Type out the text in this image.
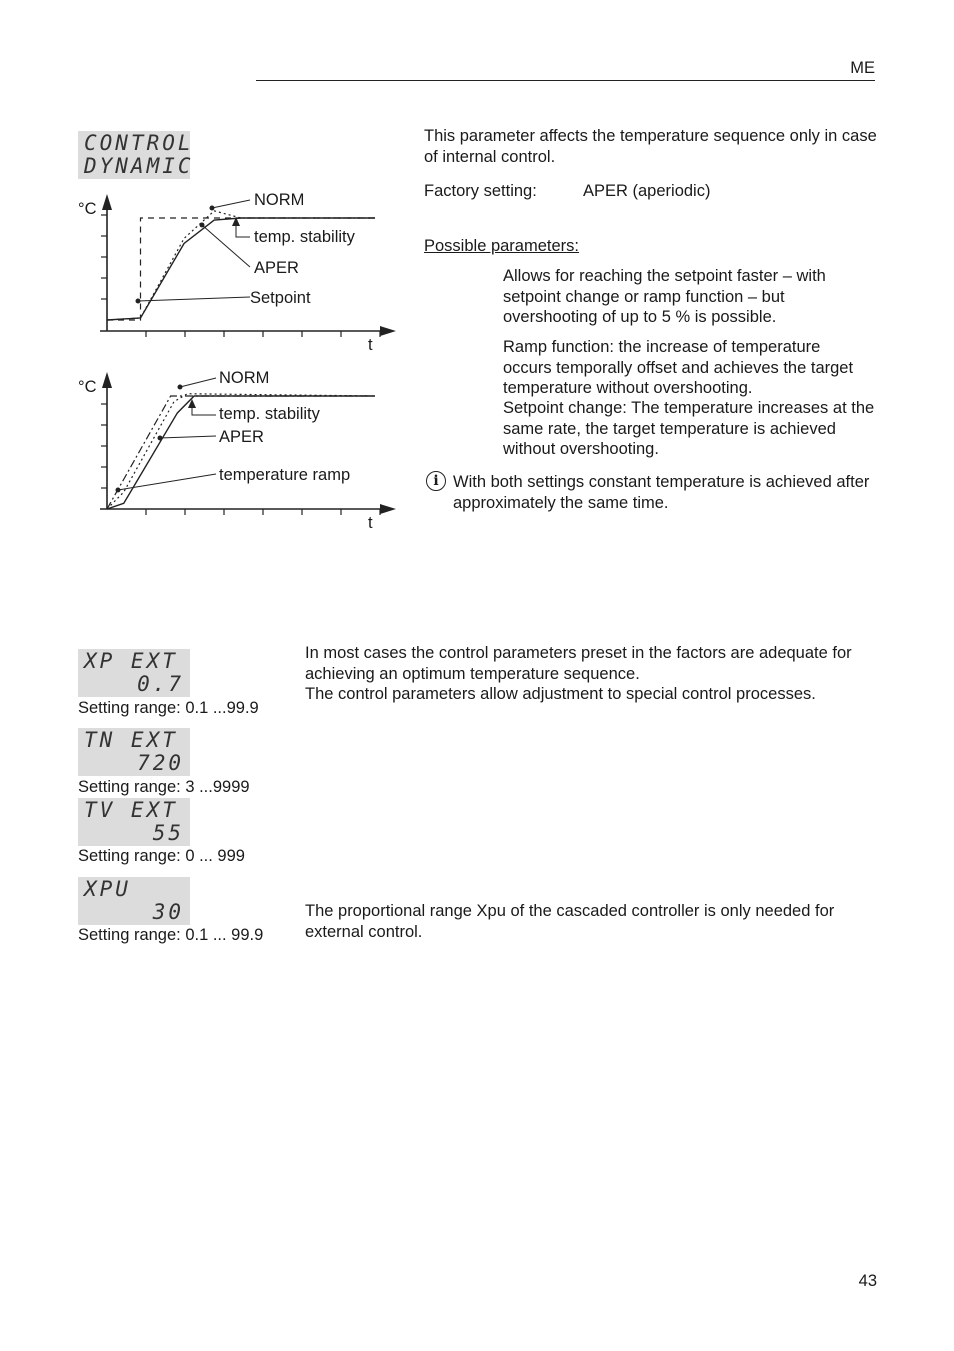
ME
CONTROL
DYNAMIC
°C
t
NORM
temp. stability
APER
Setpoint
°C
t
NORM
temp. stability
APER
temperature ramp
This parameter affects the temperature sequence only in case of internal control.
Factory setting:	APER (aperiodic)
Possible parameters:
Allows for reaching the setpoint faster – with setpoint change or ramp function – but overshooting of up to 5 % is possible.
Ramp function: the increase of temperature occurs temporally offset and achieves the target temperature without overshooting.
Setpoint change: The temperature increases at the same rate, the target temperature is achieved without overshooting.
i With both settings constant temperature is achieved after approximately the same time.
XP EXT
0.7
Setting range: 0.1 ...99.9
TN EXT
720
Setting range: 3 ...9999
TV EXT
55
Setting range: 0 ... 999
XPU
30
Setting range: 0.1 ... 99.9
In most cases the control parameters preset in the factors are adequate for achieving an optimum temperature sequence.
The control parameters allow adjustment to special control processes.
The proportional range Xpu of the cascaded controller is only needed for external control.
43
